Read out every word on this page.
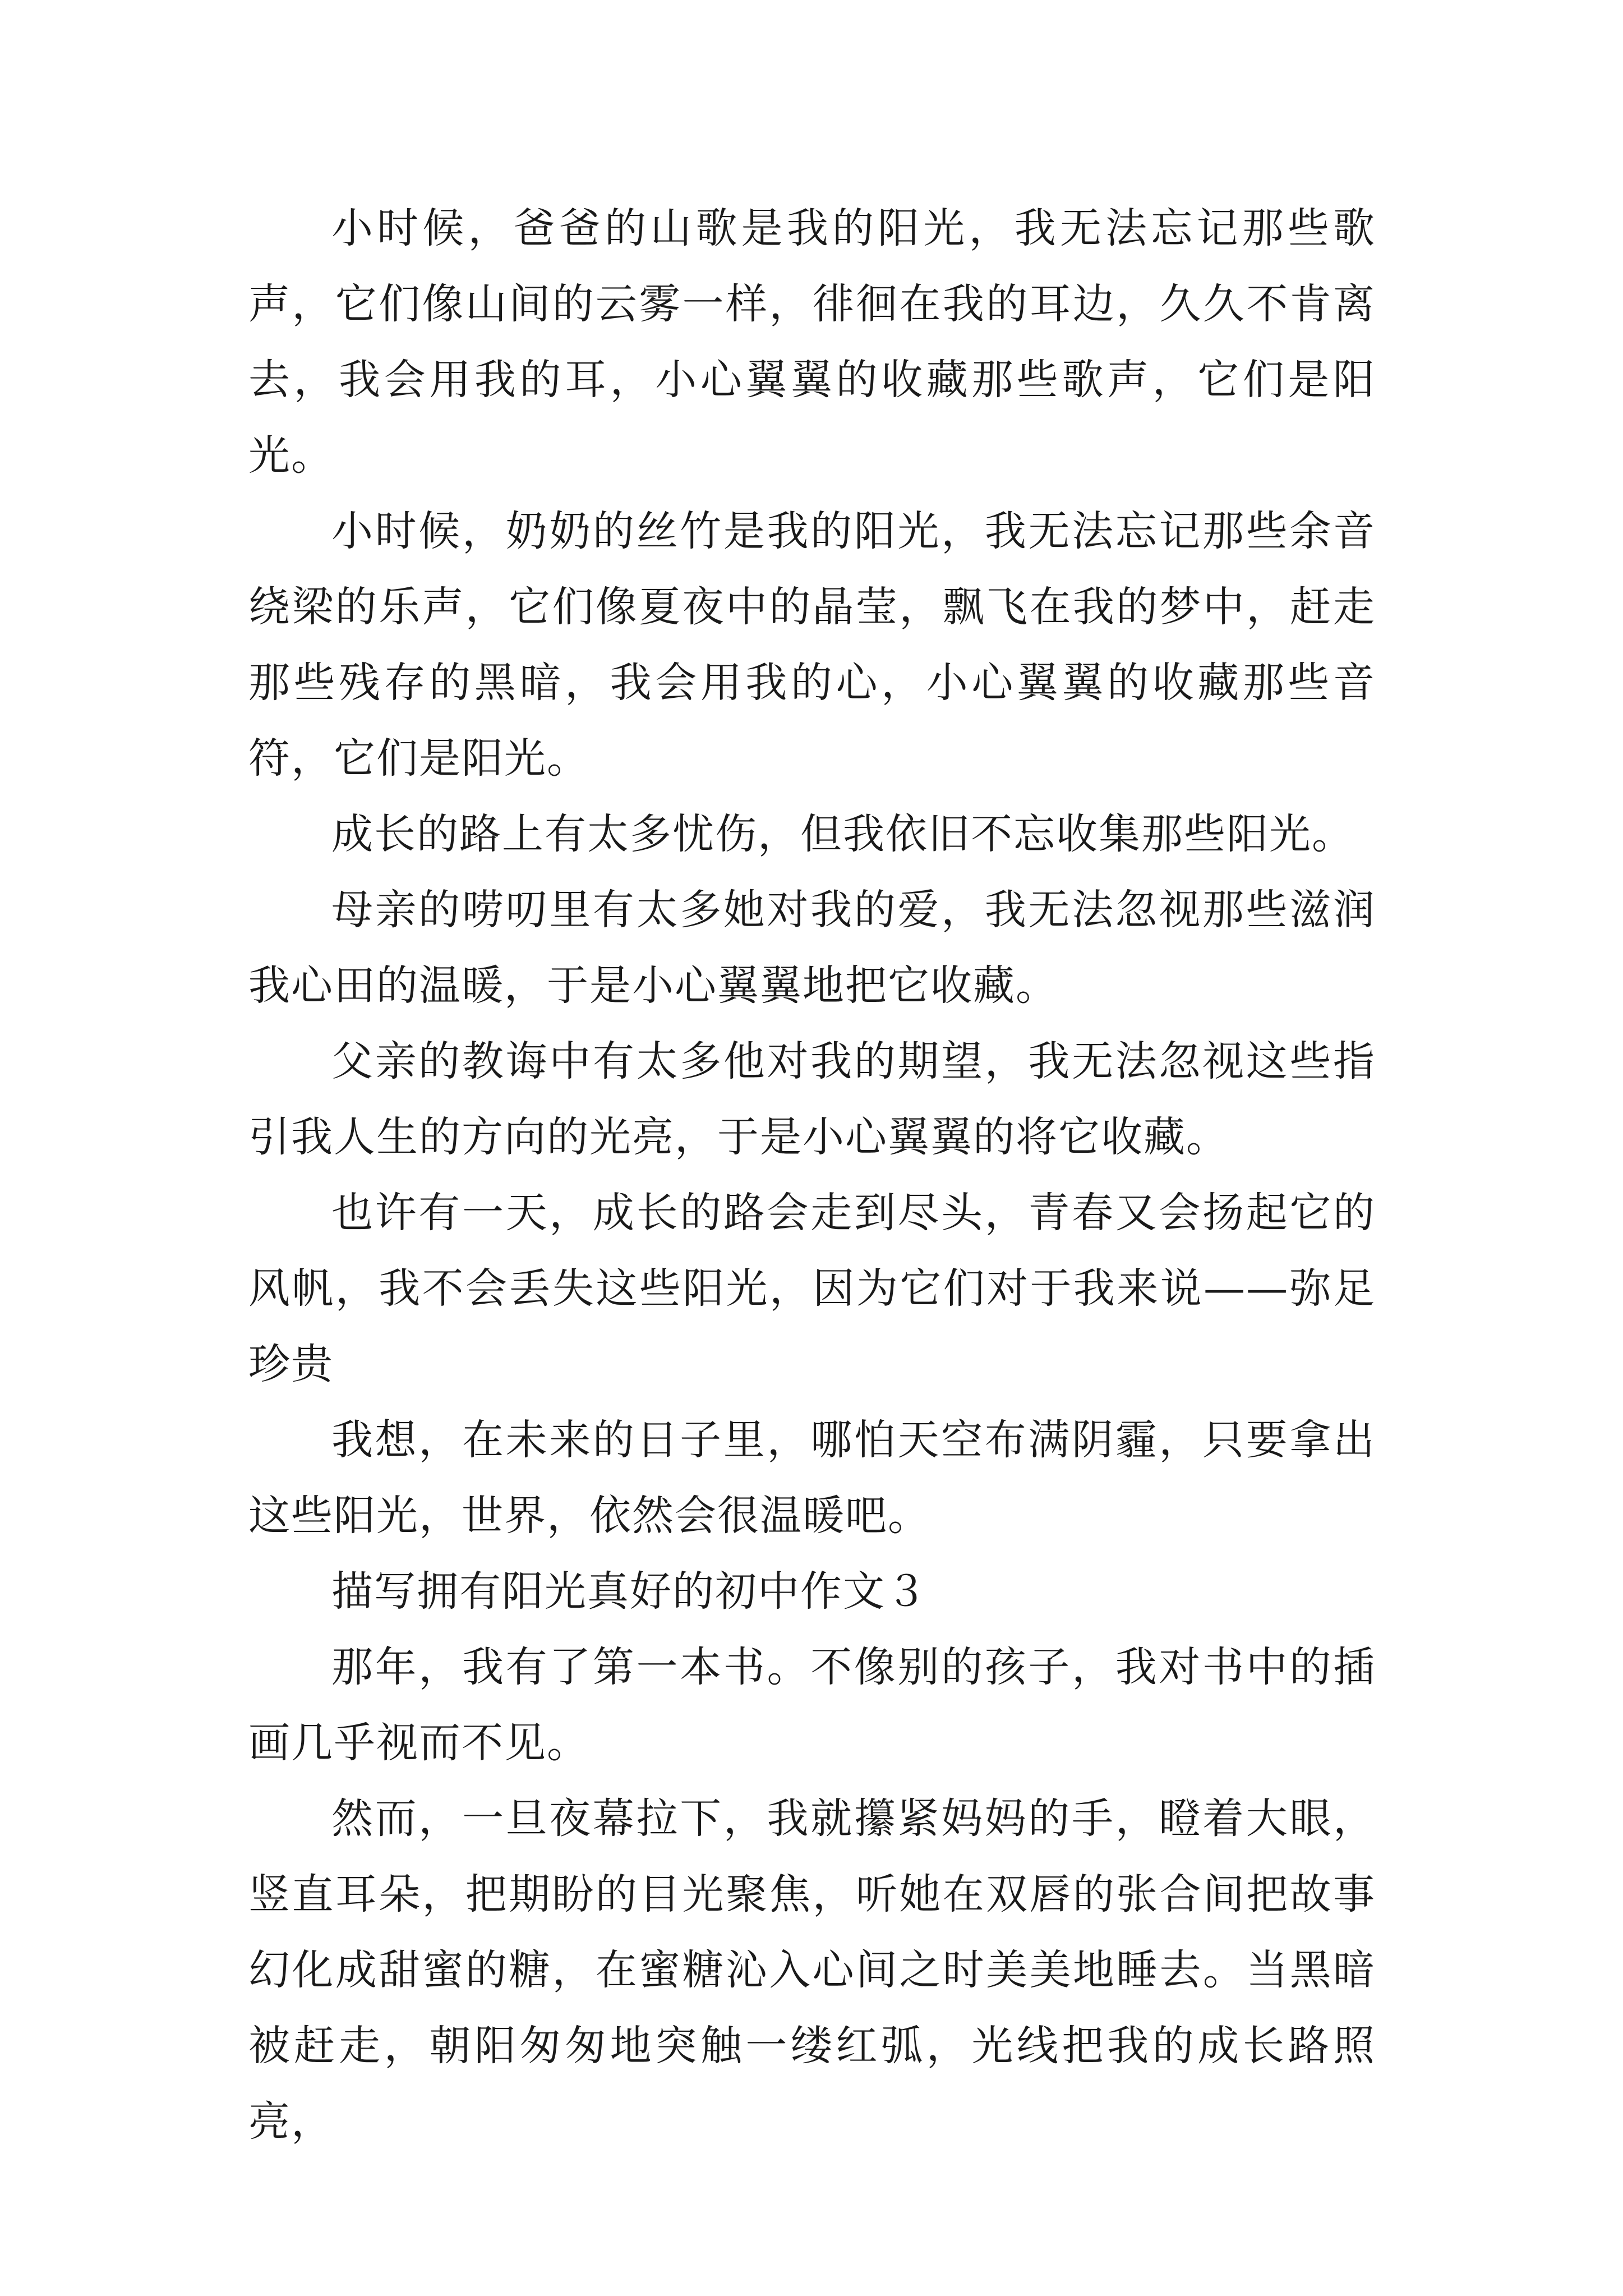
小时候，爸爸的山歌是我的阳光，我无法忘记那些歌声，它们像山间的云雾一样，徘徊在我的耳边，久久不肯离去，我会用我的耳，小心翼翼的收藏那些歌声，它们是阳光。

小时候，奶奶的丝竹是我的阳光，我无法忘记那些余音绕梁的乐声，它们像夏夜中的晶莹，飘飞在我的梦中，赶走那些残存的黑暗，我会用我的心，小心翼翼的收藏那些音符，它们是阳光。

成长的路上有太多忧伤，但我依旧不忘收集那些阳光。

母亲的唠叨里有太多她对我的爱，我无法忽视那些滋润我心田的温暖，于是小心翼翼地把它收藏。

父亲的教诲中有太多他对我的期望，我无法忽视这些指引我人生的方向的光亮，于是小心翼翼的将它收藏。

也许有一天，成长的路会走到尽头，青春又会扬起它的风帆，我不会丢失这些阳光，因为它们对于我来说——弥足珍贵

我想，在未来的日子里，哪怕天空布满阴霾，只要拿出这些阳光，世界，依然会很温暖吧。

描写拥有阳光真好的初中作文３

那年，我有了第一本书。不像别的孩子，我对书中的插画几乎视而不见。

然而，一旦夜幕拉下，我就攥紧妈妈的手，瞪着大眼，竖直耳朵，把期盼的目光聚焦，听她在双唇的张合间把故事幻化成甜蜜的糖，在蜜糖沁入心间之时美美地睡去。当黑暗被赶走，朝阳匆匆地突触一缕红弧，光线把我的成长路照亮，
